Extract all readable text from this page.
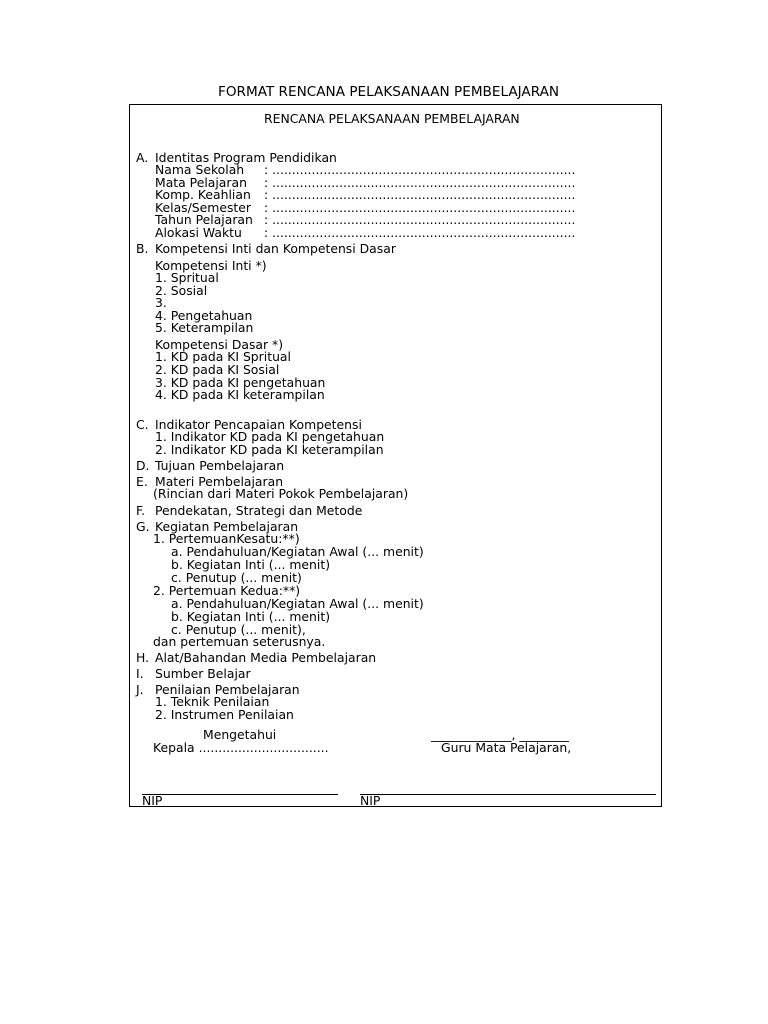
FORMAT RENCANA PELAKSANAAN PEMBELAJARAN
RENCANA PELAKSANAAN PEMBELAJARAN
A. Identitas Program Pendidikan
Nama Sekolah : .............................................................................
Mata Pelajaran : .............................................................................
Komp. Keahlian : .............................................................................
Kelas/Semester : .............................................................................
Tahun Pelajaran : .............................................................................
Alokasi Waktu : .............................................................................
B. Kompetensi Inti dan Kompetensi Dasar
Kompetensi Inti *)
1. Spritual
2. Sosial
3.
4. Pengetahuan
5. Keterampilan
Kompetensi Dasar *)
1. KD pada KI Spritual
2. KD pada KI Sosial
3. KD pada KI pengetahuan
4. KD pada KI keterampilan
C. Indikator Pencapaian Kompetensi
1. Indikator KD pada KI pengetahuan
2. Indikator KD pada KI keterampilan
D. Tujuan Pembelajaran
E. Materi Pembelajaran
(Rincian dari Materi Pokok Pembelajaran)
F. Pendekatan, Strategi dan Metode
G. Kegiatan Pembelajaran
1. PertemuanKesatu:**)
a. Pendahuluan/Kegiatan Awal (... menit)
b. Kegiatan Inti (... menit)
c. Penutup (... menit)
2. Pertemuan Kedua:**)
a. Pendahuluan/Kegiatan Awal (... menit)
b. Kegiatan Inti (... menit)
c. Penutup (... menit),
dan pertemuan seterusnya.
H. Alat/Bahandan Media Pembelajaran
I. Sumber Belajar
J. Penilaian Pembelajaran
1. Teknik Penilaian
2. Instrumen Penilaian
Mengetahui
Kepala .................................
_____________, ________
Guru Mata Pelajaran,
NIP	NIP
